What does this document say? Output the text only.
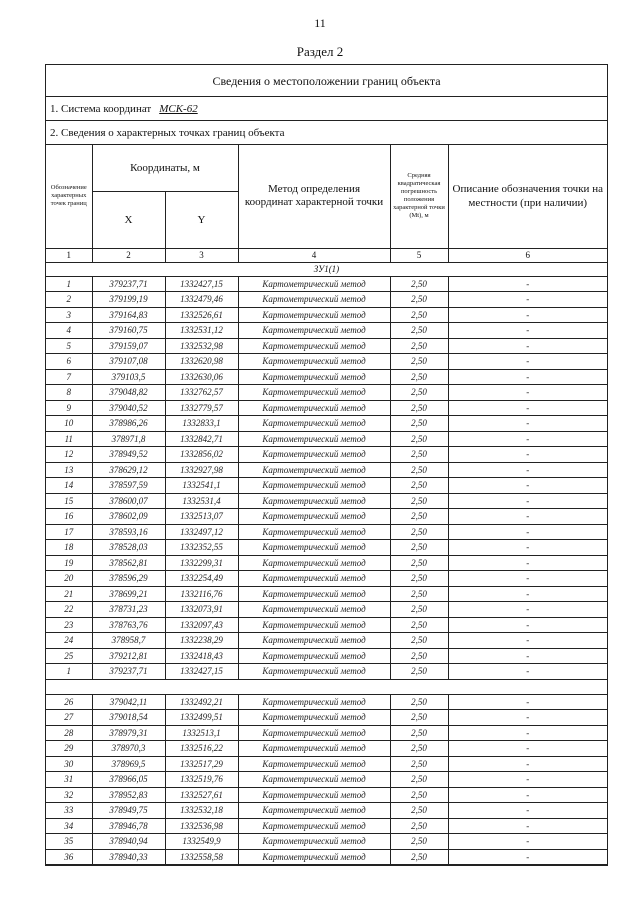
11
Раздел 2
Сведения о местоположении границ объекта
1. Система координат МСК-62
2. Сведения о характерных точках границ объекта
Обозначение характерных точек границ	Координаты, м		Метод определения координат характерной точки	Средняя квадратическая погрешность положения характерной точки (Mt), м	Описание обозначения точки на местности (при наличии)
	X	Y			
1	2	3	4	5	6
ЗУ1(1)					
1	379237,71	1332427,15	Картометрический метод	2,50	-
2	379199,19	1332479,46	Картометрический метод	2,50	-
3	379164,83	1332526,61	Картометрический метод	2,50	-
4	379160,75	1332531,12	Картометрический метод	2,50	-
5	379159,07	1332532,98	Картометрический метод	2,50	-
6	379107,08	1332620,98	Картометрический метод	2,50	-
7	379103,5	1332630,06	Картометрический метод	2,50	-
8	379048,82	1332762,57	Картометрический метод	2,50	-
9	379040,52	1332779,57	Картометрический метод	2,50	-
10	378986,26	1332833,1	Картометрический метод	2,50	-
11	378971,8	1332842,71	Картометрический метод	2,50	-
12	378949,52	1332856,02	Картометрический метод	2,50	-
13	378629,12	1332927,98	Картометрический метод	2,50	-
14	378597,59	1332541,1	Картометрический метод	2,50	-
15	378600,07	1332531,4	Картометрический метод	2,50	-
16	378602,09	1332513,07	Картометрический метод	2,50	-
17	378593,16	1332497,12	Картометрический метод	2,50	-
18	378528,03	1332352,55	Картометрический метод	2,50	-
19	378562,81	1332299,31	Картометрический метод	2,50	-
20	378596,29	1332254,49	Картометрический метод	2,50	-
21	378699,21	1332116,76	Картометрический метод	2,50	-
22	378731,23	1332073,91	Картометрический метод	2,50	-
23	378763,76	1332097,43	Картометрический метод	2,50	-
24	378958,7	1332238,29	Картометрический метод	2,50	-
25	379212,81	1332418,43	Картометрический метод	2,50	-
1	379237,71	1332427,15	Картометрический метод	2,50	-

26	379042,11	1332492,21	Картометрический метод	2,50	-
27	379018,54	1332499,51	Картометрический метод	2,50	-
28	378979,31	1332513,1	Картометрический метод	2,50	-
29	378970,3	1332516,22	Картометрический метод	2,50	-
30	378969,5	1332517,29	Картометрический метод	2,50	-
31	378966,05	1332519,76	Картометрический метод	2,50	-
32	378952,83	1332527,61	Картометрический метод	2,50	-
33	378949,75	1332532,18	Картометрический метод	2,50	-
34	378946,78	1332536,98	Картометрический метод	2,50	-
35	378940,94	1332549,9	Картометрический метод	2,50	-
36	378940,33	1332558,58	Картометрический метод	2,50	-
